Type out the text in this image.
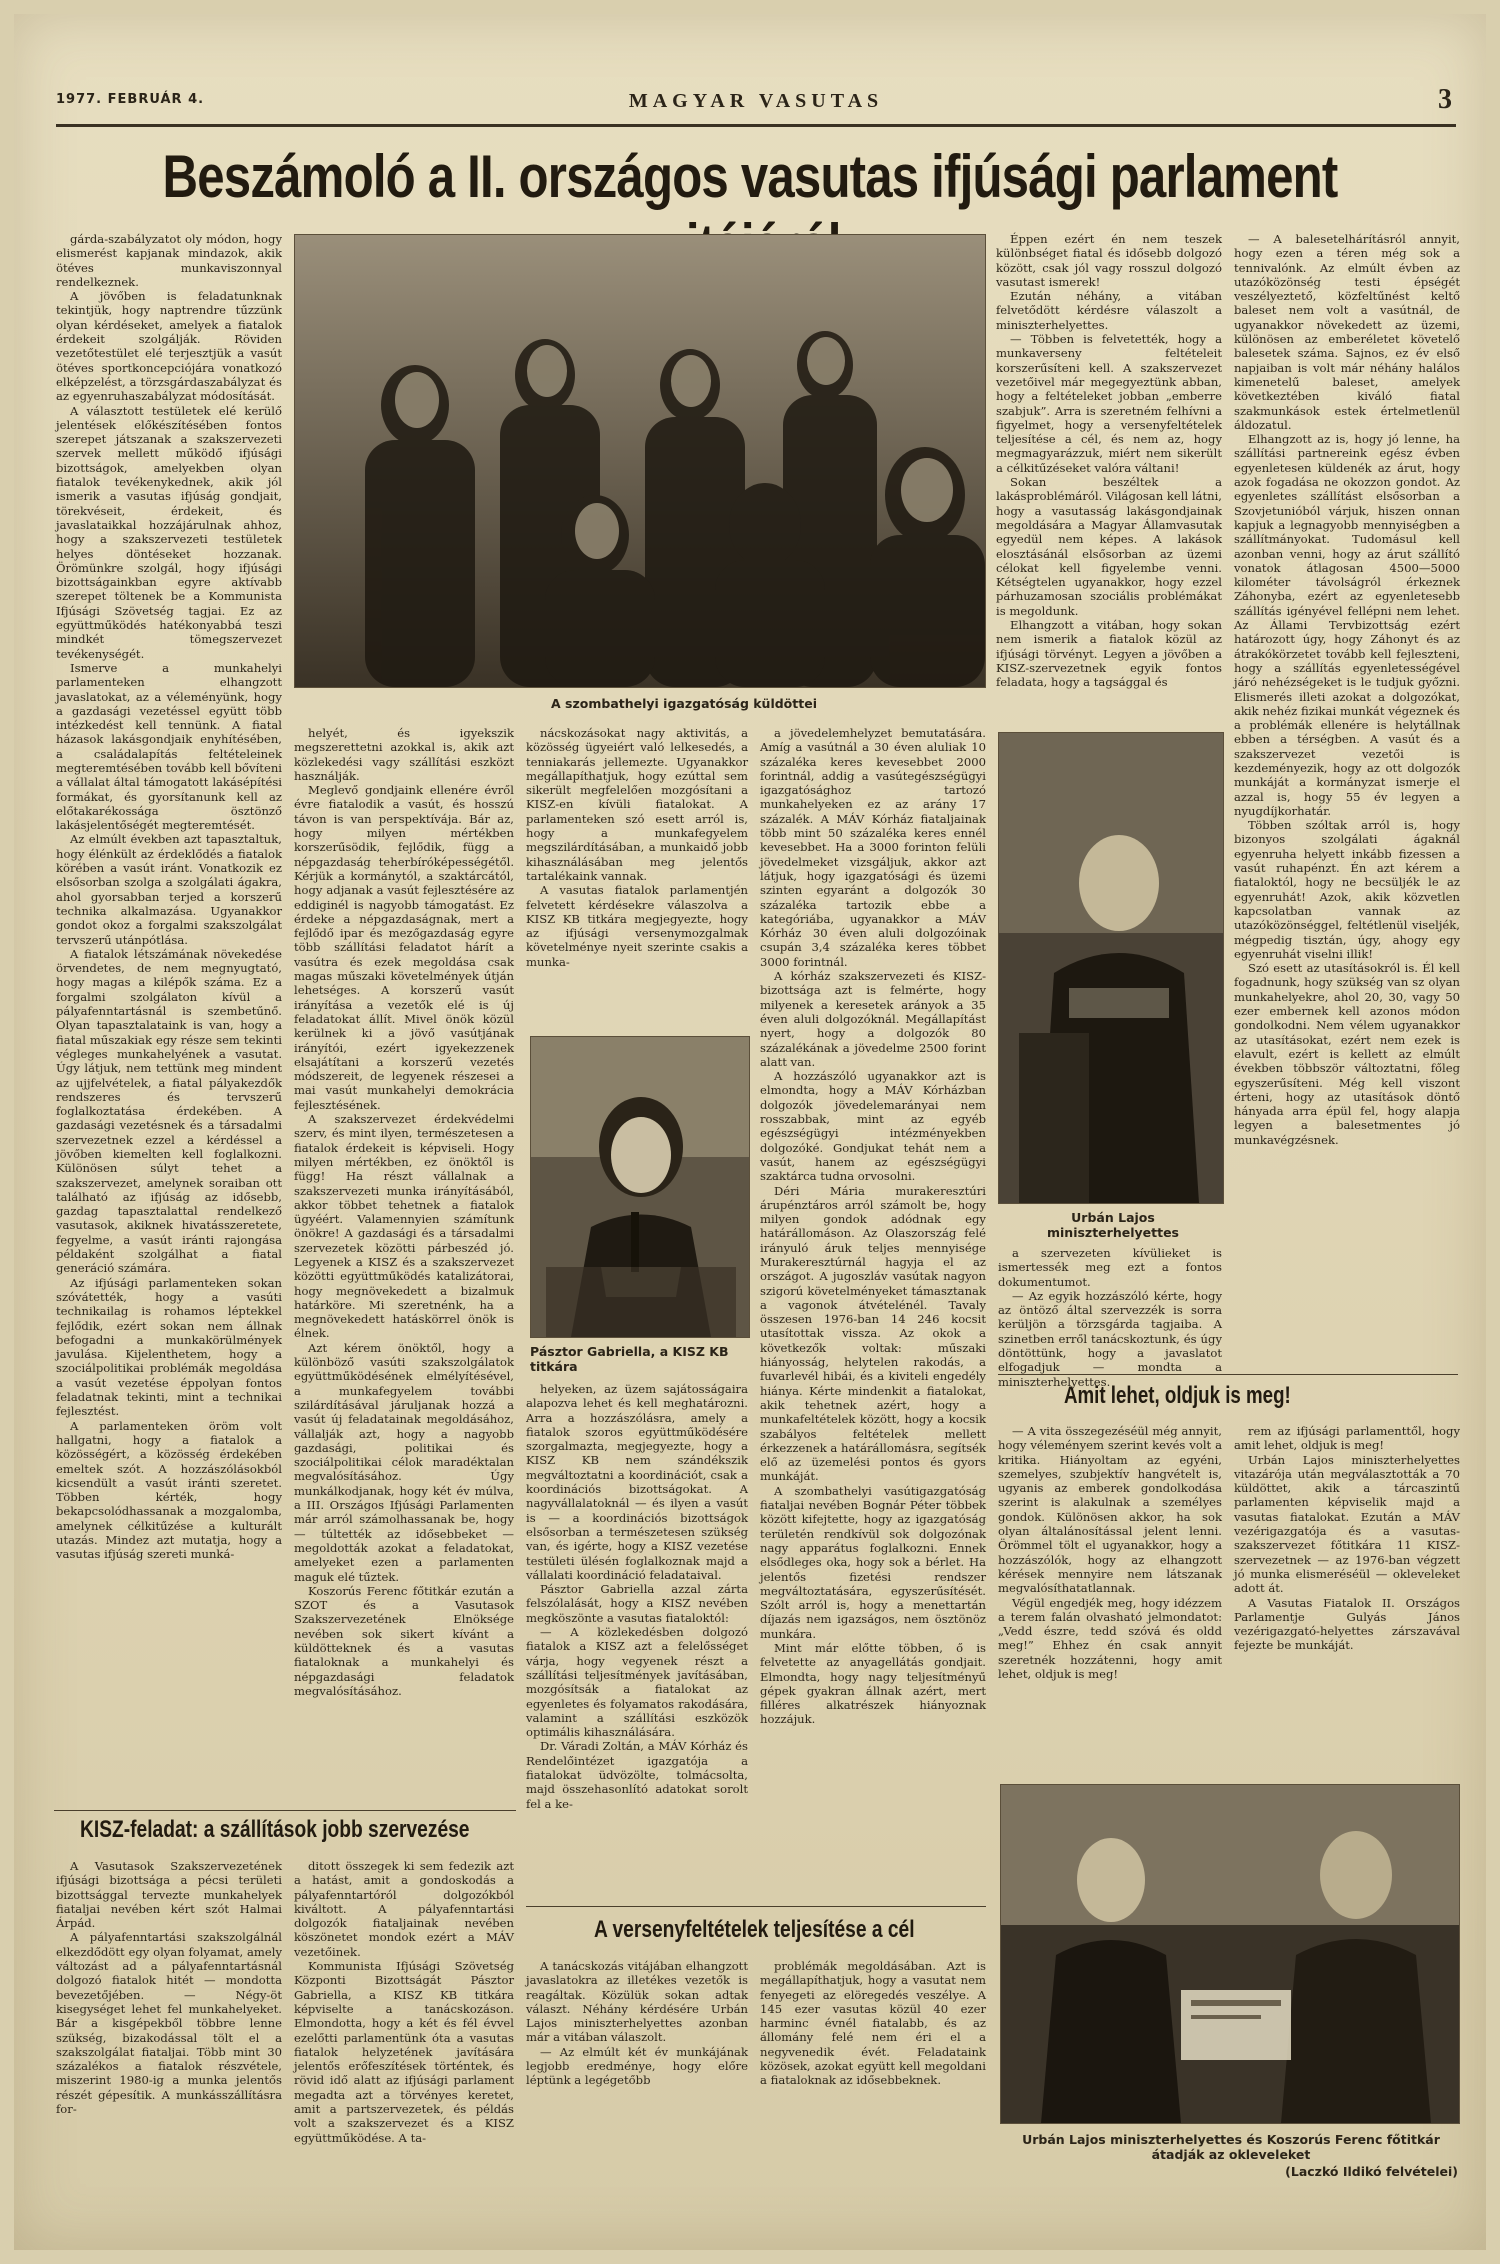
1977. FEBRUÁR 4.	MAGYAR VASUTAS	3
Beszámoló a II. országos vasutas ifjúsági parlament

gárda-szabályzatot oly módon, hogy elismerést kapjanak mindazok, akik ötéves munkaviszonnyal rendelkeznek.

A jövőben is feladatunknak tekintjük, hogy naptrendre tűzzünk olyan kérdéseket, amelyek a fiatalok érdekeit szolgálják. Röviden vezetőtestület elé terjesztjük a vasút ötéves sportkoncepciójára vonatkozó elképzelést, a törzsgárdaszabályzat és az egyenruhaszabályzat módosítását.

A választott testületek elé kerülő jelentések előkészítésében fontos szerepet játszanak a szakszervezeti szervek mellett működő ifjúsági bizottságok, amelyekben olyan fiatalok tevékenykednek, akik jól ismerik a vasutas ifjúság gondjait, törekvéseit, érdekeit, és javaslataikkal hozzájárulnak ahhoz, hogy a szakszervezeti testületek helyes döntéseket hozzanak. Örömünkre szolgál, hogy ifjúsági bizottságainkban egyre aktívabb szerepet töltenek be a Kommunista Ifjúsági Szövetség tagjai. Ez az együttműködés hatékonyabbá teszi mindkét tömegszervezet tevékenységét.

Ismerve a munkahelyi parlamenteken elhangzott javaslatokat, az a véleményünk, hogy a gazdasági vezetéssel együtt több intézkedést kell tennünk. A fiatal házasok lakásgondjaik enyhítésében, a családalapítás feltételeinek megteremtésében tovább kell bővíteni a vállalat által támogatott lakásépítési formákat, és gyorsítanunk kell az előtakarékossága ösztönző lakásjelentőségét megteremtését.

Az elmúlt években azt tapasztaltuk, hogy élénkült az érdeklődés a fiatalok körében a vasút iránt. Vonatkozik ez elsősorban szolga a szolgálati ágakra, ahol gyorsabban terjed a korszerű technika alkalmazása. Ugyanakkor gondot okoz a forgalmi szakszolgálat tervszerű utánpótlása.

A fiatalok létszámának növekedése örvendetes, de nem megnyugtató, hogy magas a kilépők száma. Ez a forgalmi szolgálaton kívül a pályafenntartásnál is szembetűnő. Olyan tapasztalataink is van, hogy a fiatal műszakiak egy része sem tekinti végleges munkahelyének a vasutat. Úgy látjuk, nem tettünk meg mindent az ujjfelvételek, a fiatal pályakezdők rendszeres és tervszerű foglalkoztatása érdekében. A gazdasági vezetésnek és a társadalmi szervezetnek ezzel a kérdéssel a jövőben kiemelten kell foglalkozni. Különösen súlyt tehet a szakszervezet, amelynek soraiban ott található az ifjúság az idősebb, gazdag tapasztalattal rendelkező vasutasok, akiknek hivatásszeretete, fegyelme, a vasút iránti rajongása példaként szolgálhat a fiatal generáció számára.

Az ifjúsági parlamenteken sokan szóvátették, hogy a vasúti technikailag is rohamos léptekkel fejlődik, ezért sokan nem állnak befogadni a munkakörülmények javulása. Kijelenthetem, hogy a szociálpolitikai problémák megoldása a vasút vezetése éppolyan fontos feladatnak tekinti, mint a technikai fejlesztést.

A parlamenteken öröm volt hallgatni, hogy a fiatalok a közösségért, a közösség érdekében emeltek szót. A hozzászólásokból kicsendült a vasút iránti szeretet. Többen kérték, hogy bekapcsolódhassanak a mozgalomba, amelynek célkitűzése a kulturált utazás. Mindez azt mutatja, hogy a vasutas ifjúság szereti munká-

A szombathelyi igazgatóság küldöttei

helyét, és igyekszik megszerettetni azokkal is, akik azt közlekedési vagy szállítási eszközt használják.

Meglevő gondjaink ellenére évről évre fiatalodik a vasút, és hosszú távon is van perspektívája. Bár az, hogy milyen mértékben korszerűsödik, fejlődik, függ a népgazdaság teherbíróképességétől. Kérjük a kormánytól, a szaktárcától, hogy adjanak a vasút fejlesztésére az eddiginél is nagyobb támogatást. Ez érdeke a népgazdaságnak, mert a fejlődő ipar és mezőgazdaság egyre több szállítási feladatot hárít a vasútra és ezek megoldása csak magas műszaki követelmények útján lehetséges. A korszerű vasút irányítása a vezetők elé is új feladatokat állít. Mivel önök közül kerülnek ki a jövő vasútjának irányítói, ezért igyekezzenek elsajátítani a korszerű vezetés módszereit, de legyenek részesei a mai vasút munkahelyi demokrácia fejlesztésének.

A szakszervezet érdekvédelmi szerv, és mint ilyen, természetesen a fiatalok érdekeit is képviseli. Hogy milyen mértékben, ez önöktől is függ! Ha részt vállalnak a szakszervezeti munka irányításából, akkor többet tehetnek a fiatalok ügyéért. Valamennyien számítunk önökre! A gazdasági és a társadalmi szervezetek közötti párbeszéd jó. Legyenek a KISZ és a szakszervezet közötti együttműködés katalizátorai, hogy megnövekedett a bizalmuk határköre. Mi szeretnénk, ha a megnövekedett hatáskörrel önök is élnek.

Azt kérem önöktől, hogy a különböző vasúti szakszolgálatok együttműködésének elmélyítésével, a munkafegyelem további szilárdításával járuljanak hozzá a vasút új feladatainak megoldásához, vállalják azt, hogy a nagyobb gazdasági, politikai és szociálpolitikai célok maradéktalan megvalósításához. Úgy munkálkodjanak, hogy két év múlva, a III. Országos Ifjúsági Parlamenten már arról számolhassanak be, hogy — túltették az idősebbeket — megoldották azokat a feladatokat, amelyeket ezen a parlamenten maguk elé tűztek.

Koszorús Ferenc főtitkár ezután a SZOT és a Vasutasok Szakszervezetének Elnöksége nevében sok sikert kívánt a küldötteknek és a vasutas fiataloknak a munkahelyi és népgazdasági feladatok megvalósításához.

nácskozásokat nagy aktivitás, a közösség ügyeiért való lelkesedés, a tenniakarás jellemezte. Ugyanakkor megállapíthatjuk, hogy ezúttal sem sikerült megfelelően mozgósítani a KISZ-en kívüli fiatalokat. A parlamenteken szó esett arról is, hogy a munkafegyelem megszilárdításában, a munkaidő jobb kihasználásában meg jelentős tartalékaink vannak.

A vasutas fiatalok parlamentjén felvetett kérdésekre válaszolva a KISZ KB titkára megjegyezte, hogy az ifjúsági versenymozgalmak követelménye nyeit szerinte csakis a munka-

Pásztor Gabriella, a KISZ KB titkára

helyeken, az üzem sajátosságaira alapozva lehet és kell meghatározni. Arra a hozzászólásra, amely a fiatalok szoros együttműködésére szorgalmazta, megjegyezte, hogy a KISZ KB nem szándékszik megváltoztatni a koordinációt, csak a koordinációs bizottságokat. A nagyvállalatoknál — és ilyen a vasút is — a koordinációs bizottságok elsősorban a természetesen szükség van, és igérte, hogy a KISZ vezetése testületi ülésén foglalkoznak majd a vállalati koordináció feladataival.

Pásztor Gabriella azzal zárta felszólalását, hogy a KISZ nevében megköszönte a vasutas fiataloktól:

— A közlekedésben dolgozó fiatalok a KISZ azt a felelősséget várja, hogy vegyenek részt a szállítási teljesítmények javításában, mozgósítsák a fiatalokat az egyenletes és folyamatos rakodására, valamint a szállítási eszközök optimális kihasználására.

Dr. Váradi Zoltán, a MÁV Kórház és Rendelőintézet igazgatója a fiatalokat üdvözölte, tolmácsolta, majd összehasonlító adatokat sorolt fel a ke-

Éppen ezért én nem teszek különbséget fiatal és idősebb dolgozó között, csak jól vagy rosszul dolgozó vasutast ismerek!

Ezután néhány, a vitában felvetődött kérdésre válaszolt a miniszterhelyettes.

— Többen is felvetették, hogy a munkaverseny feltételeit korszerűsíteni kell. A szakszervezet vezetőivel már megegyeztünk abban, hogy a feltételeket jobban „emberre szabjuk”. Arra is szeretném felhívni a figyelmet, hogy a versenyfeltételek teljesítése a cél, és nem az, hogy megmagyarázzuk, miért nem sikerült a célkitűzéseket valóra váltani!

Sokan beszéltek a lakásproblémáról. Világosan kell látni, hogy a vasutasság lakásgondjainak megoldására a Magyar Államvasutak egyedül nem képes. A lakások elosztásánál elsősorban az üzemi célokat kell figyelembe venni. Kétségtelen ugyanakkor, hogy ezzel párhuzamosan szociális problémákat is megoldunk.

Elhangzott a vitában, hogy sokan nem ismerik a fiatalok közül az ifjúsági törvényt. Legyen a jövőben a KISZ-szervezetnek egyik fontos feladata, hogy a tagsággal és

a jövedelemhelyzet bemutatására. Amíg a vasútnál a 30 éven aluliak 10 százaléka keres kevesebbet 2000 forintnál, addig a vasútegészségügyi igazgatósághoz tartozó munkahelyeken ez az arány 17 százalék. A MÁV Kórház fiataljainak több mint 50 százaléka keres ennél kevesebbet. Ha a 3000 forinton felüli jövedelmeket vizsgáljuk, akkor azt látjuk, hogy igazgatósági és üzemi szinten egyaránt a dolgozók 30 százaléka tartozik ebbe a kategóriába, ugyanakkor a MÁV Kórház 30 éven aluli dolgozóinak csupán 3,4 százaléka keres többet 3000 forintnál.

A kórház szakszervezeti és KISZ-bizottsága azt is felmérte, hogy milyenek a keresetek arányok a 35 éven aluli dolgozóknál. Megállapítást nyert, hogy a dolgozók 80 százalékának a jövedelme 2500 forint alatt van.

A hozzászóló ugyanakkor azt is elmondta, hogy a MÁV Kórházban dolgozók jövedelemarányai nem rosszabbak, mint az egyéb egészségügyi intézményekben dolgozóké. Gondjukat tehát nem a vasút, hanem az egészségügyi szaktárca tudna orvosolni.

Déri Mária murakeresztúri árupénztáros arról számolt be, hogy milyen gondok adódnak egy határállomáson. Az Olaszország felé irányuló áruk teljes mennyisége Murakeresztúrnál hagyja el az országot. A jugoszláv vasútak nagyon szigorú követelményeket támasztanak a vagonok átvételénél. Tavaly összesen 1976-ban 14 246 kocsit utasítottak vissza. Az okok a következők voltak: műszaki hiányosság, helytelen rakodás, a fuvarlevél hibái, és a kiviteli engedély hiánya. Kérte mindenkit a fiatalokat, akik tehetnek azért, hogy a munkafeltételek között, hogy a kocsik szabályos feltételek mellett érkezzenek a határállomásra, segítsék elő az üzemelési pontos és gyors munkáját.

A szombathelyi vasútigazgatóság fiataljai nevében Bognár Péter többek között kifejtette, hogy az igazgatóság területén rendkívül sok dolgozónak nagy apparátus foglalkozni. Ennek elsődleges oka, hogy sok a bérlet. Ha jelentős fizetési rendszer megváltoztatására, egyszerűsítését. Szólt arról is, hogy a menettartán díjazás nem igazságos, nem ösztönöz munkára.

Mint már előtte többen, ő is felvetette az anyagellátás gondjait. Elmondta, hogy nagy teljesítményű gépek gyakran állnak azért, mert filléres alkatrészek hiányoznak hozzájuk.

— A balesetelhárításról annyit, hogy ezen a téren még sok a tennivalónk. Az elmúlt évben az utazóközönség testi épségét veszélyeztető, közfeltűnést keltő baleset nem volt a vasútnál, de ugyanakkor növekedett az üzemi, különösen az emberéletet követelő balesetek száma. Sajnos, ez év első napjaiban is volt már néhány halálos kimenetelű baleset, amelyek következtében kiváló fiatal szakmunkások estek értelmetlenül áldozatul.

Elhangzott az is, hogy jó lenne, ha szállítási partnereink egész évben egyenletesen küldenék az árut, hogy azok fogadása ne okozzon gondot. Az egyenletes szállítást elsősorban a Szovjetunióból várjuk, hiszen onnan kapjuk a legnagyobb mennyiségben a szállítmányokat. Tudomásul kell azonban venni, hogy az árut szállító vonatok átlagosan 4500—5000 kilométer távolságról érkeznek Záhonyba, ezért az egyenletesebb szállítás igényével fellépni nem lehet. Az Állami Tervbizottság ezért határozott úgy, hogy Záhonyt és az átrakókörzetet tovább kell fejleszteni, hogy a szállítás egyenletességével járó nehézségeket is le tudjuk győzni. Elismerés illeti azokat a dolgozókat, akik nehéz fizikai munkát végeznek és a problémák ellenére is helytállnak ebben a térségben. A vasút és a szakszervezet vezetői is kezdeményezik, hogy az ott dolgozók munkáját a kormányzat ismerje el azzal is, hogy 55 év legyen a nyugdíjkorhatár.

Többen szóltak arról is, hogy bizonyos szolgálati ágaknál egyenruha helyett inkább fizessen a vasút ruhapénzt. Én azt kérem a fiataloktól, hogy ne becsüljék le az egyenruhát! Azok, akik közvetlen kapcsolatban vannak az utazóközönséggel, feltétlenül viseljék, mégpedig tisztán, úgy, ahogy egy egyenruhát viselni illik!

Szó esett az utasításokról is. Él kell fogadnunk, hogy szükség van sz olyan munkahelyekre, ahol 20, 30, vagy 50 ezer embernek kell azonos módon gondolkodni. Nem vélem ugyanakkor az utasításokat, ezért nem ezek is elavult, ezért is kellett az elmúlt években többször változtatni, főleg egyszerűsíteni. Még kell viszont érteni, hogy az utasítások döntő hányada arra épül fel, hogy alapja legyen a balesetmentes jó munkavégzésnek.

Urbán Lajos miniszterhelyettes

a szervezeten kívülieket is ismertessék meg ezt a fontos dokumentumot.

— Az egyik hozzászóló kérte, hogy az öntöző által szervezzék is sorra kerüljön a törzsgárda tagjaiba. A szinetben erről tanácskoztunk, és úgy döntöttünk, hogy a javaslatot elfogadjuk — mondta a miniszterhelyettes.

Amit lehet, oldjuk is meg!

— A vita összegezéséül még annyit, hogy véleményem szerint kevés volt a kritika. Hiányoltam az egyéni, szemelyes, szubjektív hangvételt is, ugyanis az emberek gondolkodása szerint is alakulnak a személyes gondok. Különösen akkor, ha sok olyan általánosítással jelent lenni. Örömmel tölt el ugyanakkor, hogy a hozzászólók, hogy az elhangzott kérések mennyire nem látszanak megvalósíthatatlannak.

Végül engedjék meg, hogy idézzem a terem falán olvasható jelmondatot: „Vedd észre, tedd szóvá és oldd meg!” Ehhez én csak annyit szeretnék hozzátenni, hogy amit lehet, oldjuk is meg!

rem az ifjúsági parlamenttől, hogy amit lehet, oldjuk is meg!

Urbán Lajos miniszterhelyettes vitazárója után megválasztották a 70 küldöttet, akik a tárcaszintű parlamenten képviselik majd a vasutas fiatalokat. Ezután a MÁV vezérigazgatója és a vasutas-szakszervezet főtitkára 11 KISZ-szervezetnek — az 1976-ban végzett jó munka elismeréséül — okleveleket adott át.

A Vasutas Fiatalok II. Országos Parlamentje Gulyás János vezérigazgató-helyettes zárszavával fejezte be munkáját.

KISZ-feladat: a szállítások jobb szervezése

A Vasutasok Szakszervezetének ifjúsági bizottsága a pécsi területi bizottsággal tervezte munkahelyek fiataljai nevében kért szót Halmai Árpád.

A pályafenntartási szakszolgálnál elkezdődött egy olyan folyamat, amely változást ad a pályafenntartásnál dolgozó fiatalok hitét — mondotta bevezetőjében. — Négy-öt kisegységet lehet fel munkahelyeket. Bár a kisgépekből többre lenne szükség, bizakodással tölt el a szakszolgálat fiataljai. Több mint 30 százalékos a fiatalok részvétele, miszerint 1980-ig a munka jelentős részét gépesítik. A munkásszállításra for-

ditott összegek ki sem fedezik azt a hatást, amit a gondoskodás a pályafenntartóról dolgozókból kiváltott. A pályafenntartási dolgozók fiataljainak nevében köszönetet mondok ezért a MÁV vezetőinek.

Kommunista Ifjúsági Szövetség Központi Bizottságát Pásztor Gabriella, a KISZ KB titkára képviselte a tanácskozáson. Elmondotta, hogy a két és fél évvel ezelőtti parlamentünk óta a vasutas fiatalok helyzetének javítására jelentős erőfeszítések történtek, és rövid idő alatt az ifjúsági parlament megadta azt a törvényes keretet, amit a partszervezetek, és példás volt a szakszervezet és a KISZ együttműködése. A ta-

A versenyfeltételek teljesítése a cél

A tanácskozás vitájában elhangzott javaslatokra az illetékes vezetők is reagáltak. Közülük sokan adtak választ. Néhány kérdésére Urbán Lajos miniszterhelyettes azonban már a vitában válaszolt.

— Az elmúlt két év munkájának legjobb eredménye, hogy előre léptünk a legégetőbb

problémák megoldásában. Azt is megállapíthatjuk, hogy a vasutat nem fenyegeti az elöregedés veszélye. A 145 ezer vasutas közül 40 ezer harminc évnél fiatalabb, és az állomány felé nem éri el a negyvenedik évét. Feladataink közösek, azokat együtt kell megoldani a fiataloknak az idősebbeknek.

Urbán Lajos miniszterhelyettes és Koszorús Ferenc főtitkár átadják az okleveleket
(Laczkó Ildikó felvételei)
